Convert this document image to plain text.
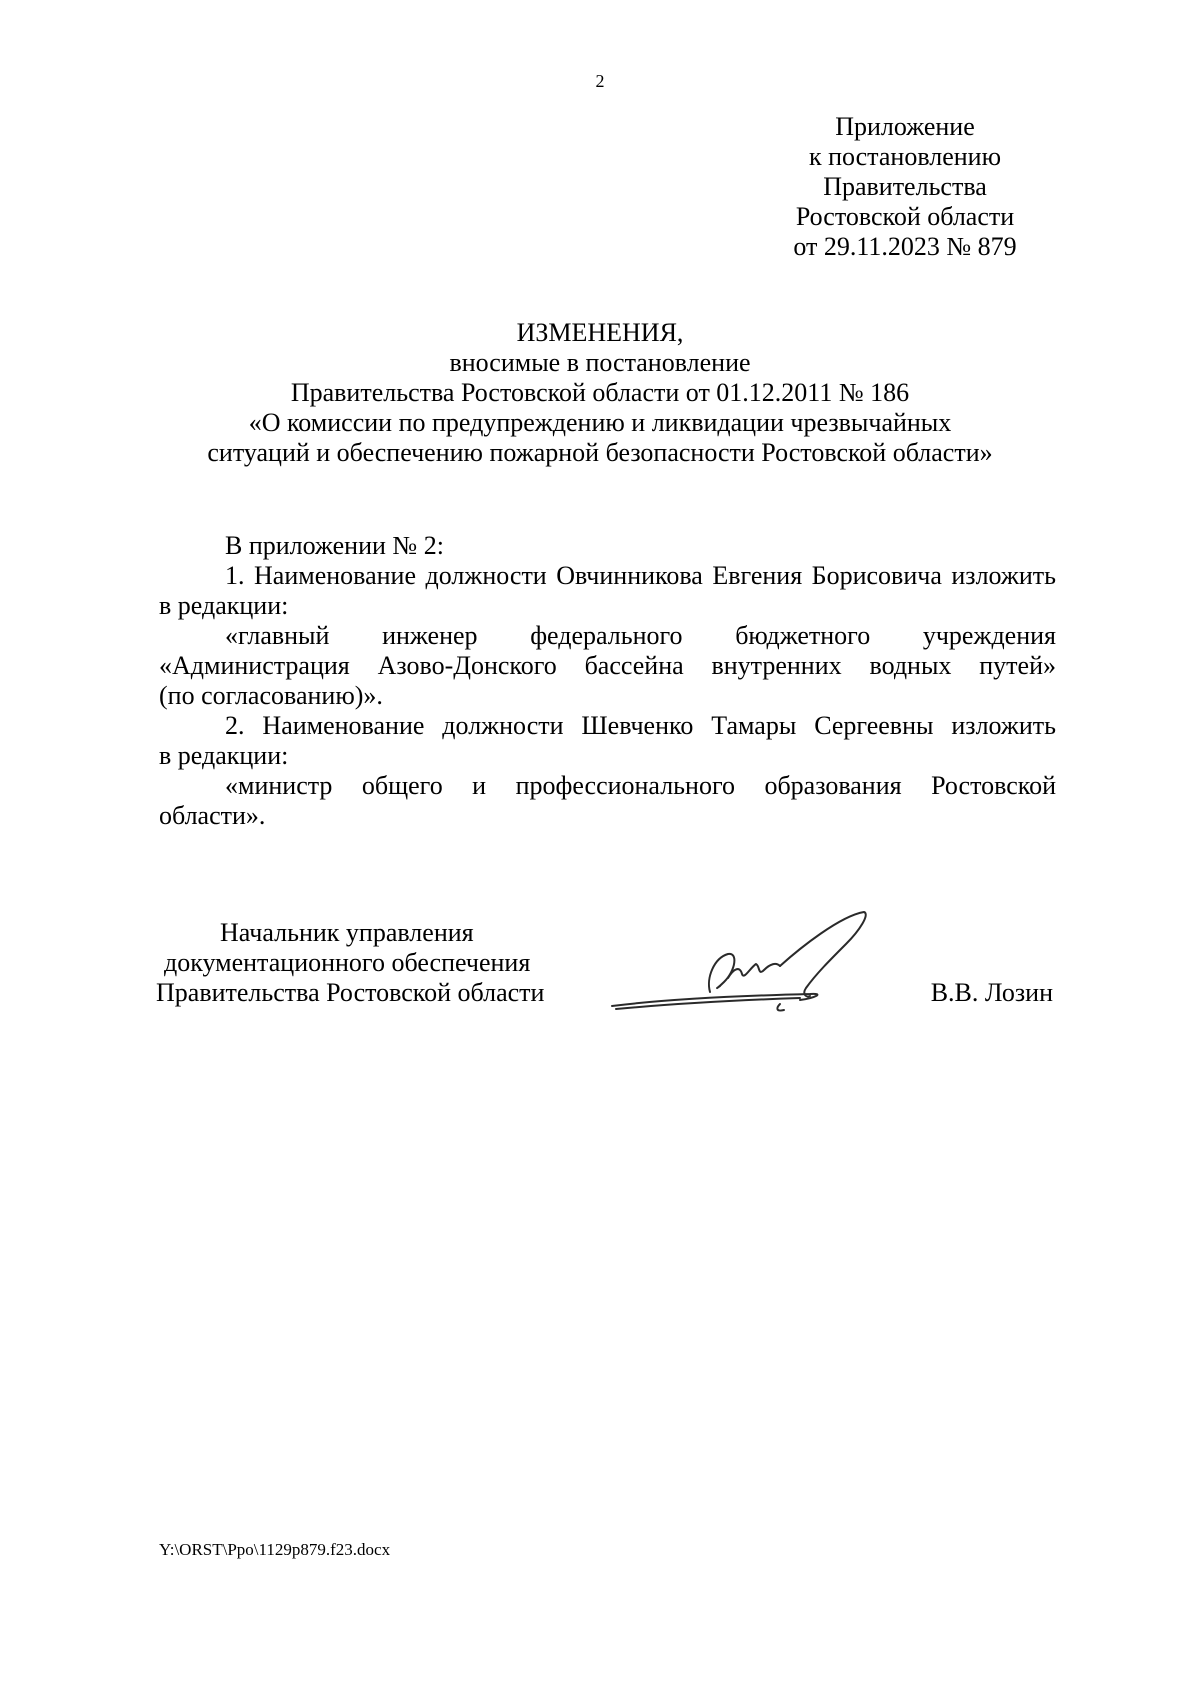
2
Приложение
к постановлению
Правительства
Ростовской области
от 29.11.2023 № 879
ИЗМЕНЕНИЯ,
вносимые в постановление
Правительства Ростовской области от 01.12.2011 № 186
«О комиссии по предупреждению и ликвидации чрезвычайных
ситуаций и обеспечению пожарной безопасности Ростовской области»
В приложении № 2:
1. Наименование должности Овчинникова Евгения Борисовича изложить
в редакции:
«главный инженер федерального бюджетного учреждения
«Администрация Азово-Донского бассейна внутренних водных путей»
(по согласованию)».
2. Наименование должности Шевченко Тамары Сергеевны изложить
в редакции:
«министр общего и профессионального образования Ростовской
области».
Начальник управления
документационного обеспечения
Правительства Ростовской области	В.В. Лозин
Y:\ORST\Ppo\1129p879.f23.docx
